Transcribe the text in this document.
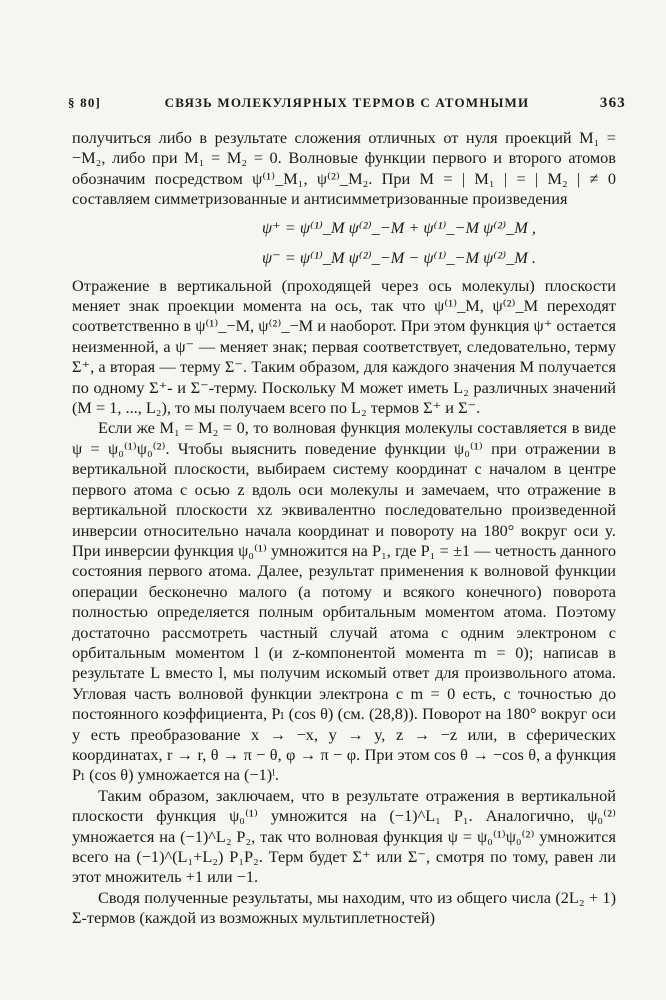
§ 80]	СВЯЗЬ МОЛЕКУЛЯРНЫХ ТЕРМОВ С АТОМНЫМИ	363

получиться либо в результате сложения отличных от нуля проекций M₁ = −M₂, либо при M₁ = M₂ = 0. Волновые функции первого и второго атомов обозначим посредством ψ⁽¹⁾_M₁, ψ⁽²⁾_M₂. При M = | M₁ | = | M₂ | ≠ 0 составляем симметризованные и антисимметризованные произведения

ψ⁺ = ψ⁽¹⁾_M ψ⁽²⁾_−M + ψ⁽¹⁾_−M ψ⁽²⁾_M ,
ψ⁻ = ψ⁽¹⁾_M ψ⁽²⁾_−M − ψ⁽¹⁾_−M ψ⁽²⁾_M .

Отражение в вертикальной (проходящей через ось молекулы) плоскости меняет знак проекции момента на ось, так что ψ⁽¹⁾_M, ψ⁽²⁾_M переходят соответственно в ψ⁽¹⁾_−M, ψ⁽²⁾_−M и наоборот. При этом функция ψ⁺ остается неизменной, а ψ⁻ — меняет знак; первая соответствует, следовательно, терму Σ⁺, а вторая — терму Σ⁻. Таким образом, для каждого значения M получается по одному Σ⁺- и Σ⁻-терму. Поскольку M может иметь L₂ различных значений (M = 1, ..., L₂), то мы получаем всего по L₂ термов Σ⁺ и Σ⁻.

Если же M₁ = M₂ = 0, то волновая функция молекулы составляется в виде ψ = ψ₀⁽¹⁾ψ₀⁽²⁾. Чтобы выяснить поведение функции ψ₀⁽¹⁾ при отражении в вертикальной плоскости, выбираем систему координат с началом в центре первого атома с осью z вдоль оси молекулы и замечаем, что отражение в вертикальной плоскости xz эквивалентно последовательно произведенной инверсии относительно начала координат и повороту на 180° вокруг оси y. При инверсии функция ψ₀⁽¹⁾ умножится на P₁, где P₁ = ±1 — четность данного состояния первого атома. Далее, результат применения к волновой функции операции бесконечно малого (а потому и всякого конечного) поворота полностью определяется полным орбитальным моментом атома. Поэтому достаточно рассмотреть частный случай атома с одним электроном с орбитальным моментом l (и z-компонентой момента m = 0); написав в результате L вместо l, мы получим искомый ответ для произвольного атома. Угловая часть волновой функции электрона с m = 0 есть, с точностью до постоянного коэффициента, Pₗ (cos θ) (см. (28,8)). Поворот на 180° вокруг оси y есть преобразование x → −x, y → y, z → −z или, в сферических координатах, r → r, θ → π − θ, φ → π − φ. При этом cos θ → −cos θ, а функция Pₗ (cos θ) умножается на (−1)ˡ.

Таким образом, заключаем, что в результате отражения в вертикальной плоскости функция ψ₀⁽¹⁾ умножится на (−1)^L₁ P₁. Аналогично, ψ₀⁽²⁾ умножается на (−1)^L₂ P₂, так что волновая функция ψ = ψ₀⁽¹⁾ψ₀⁽²⁾ умножится всего на (−1)^(L₁+L₂) P₁P₂. Терм будет Σ⁺ или Σ⁻, смотря по тому, равен ли этот множитель +1 или −1.

Сводя полученные результаты, мы находим, что из общего числа (2L₂ + 1) Σ-термов (каждой из возможных мультиплетностей)
